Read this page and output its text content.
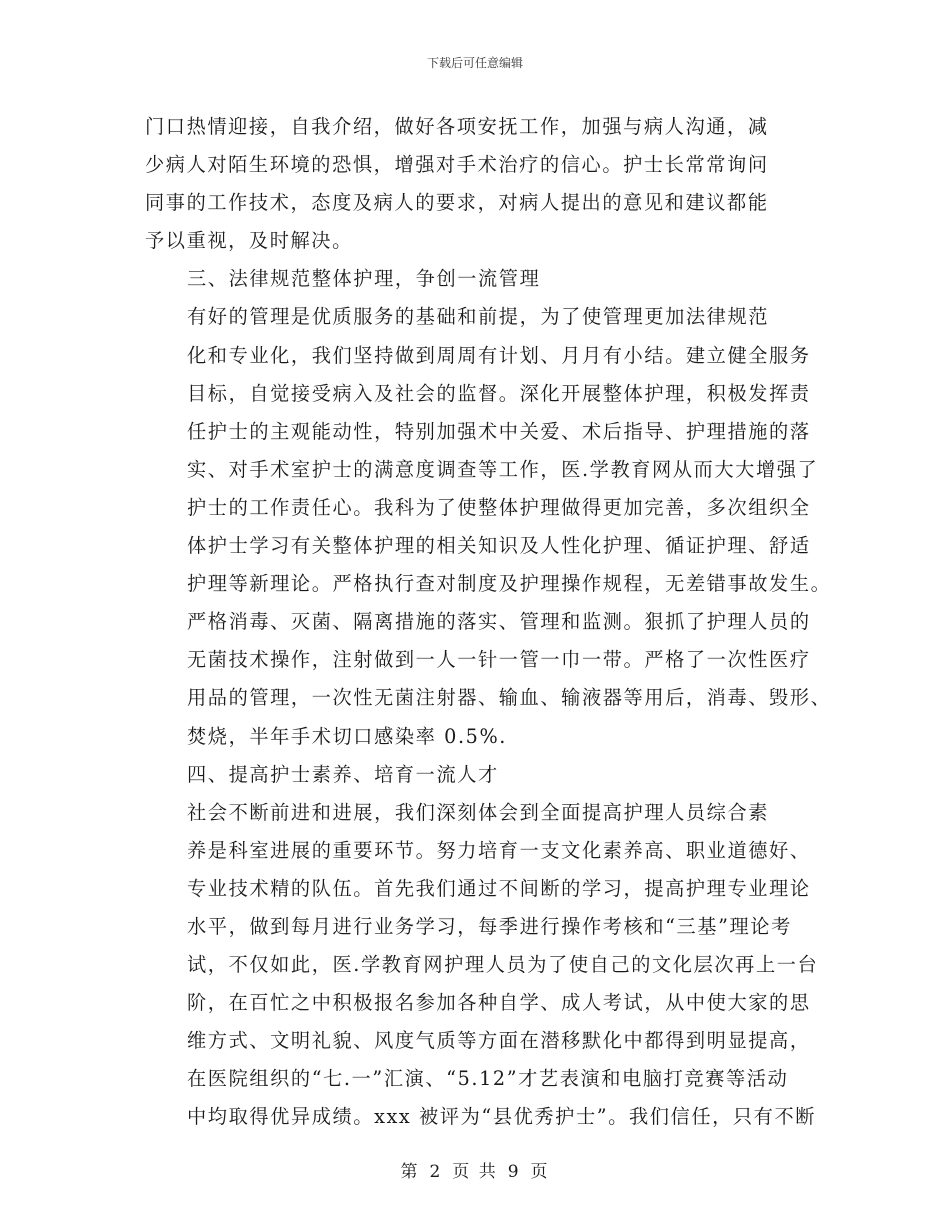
下载后可任意编辑

门口热情迎接，自我介绍，做好各项安抚工作，加强与病人沟通，减
少病人对陌生环境的恐惧，增强对手术治疗的信心。护士长常常询问
同事的工作技术，态度及病人的要求，对病人提出的意见和建议都能
予以重视，及时解决。

三、法律规范整体护理，争创一流管理

有好的管理是优质服务的基础和前提，为了使管理更加法律规范
化和专业化，我们坚持做到周周有计划、月月有小结。建立健全服务
目标，自觉接受病入及社会的监督。深化开展整体护理，积极发挥责
任护士的主观能动性，特别加强术中关爱、术后指导、护理措施的落
实、对手术室护士的满意度调查等工作，医.学教育网从而大大增强了
护士的工作责任心。我科为了使整体护理做得更加完善，多次组织全
体护士学习有关整体护理的相关知识及人性化护理、循证护理、舒适
护理等新理论。严格执行查对制度及护理操作规程，无差错事故发生。
严格消毒、灭菌、隔离措施的落实、管理和监测。狠抓了护理人员的
无菌技术操作，注射做到一人一针一管一巾一带。严格了一次性医疗
用品的管理，一次性无菌注射器、输血、输液器等用后，消毒、毁形、
焚烧，半年手术切口感染率 0.5%.

四、提高护士素养、培育一流人才

社会不断前进和进展，我们深刻体会到全面提高护理人员综合素
养是科室进展的重要环节。努力培育一支文化素养高、职业道德好、
专业技术精的队伍。首先我们通过不间断的学习，提高护理专业理论
水平，做到每月进行业务学习，每季进行操作考核和“三基”理论考
试，不仅如此，医.学教育网护理人员为了使自己的文化层次再上一台
阶，在百忙之中积极报名参加各种自学、成人考试，从中使大家的思
维方式、文明礼貌、风度气质等方面在潜移默化中都得到明显提高，
在医院组织的“七.一”汇演、“5.12”才艺表演和电脑打竞赛等活动
中均取得优异成绩。xxx 被评为“县优秀护士”。我们信任，只有不断

第 2 页 共 9 页
